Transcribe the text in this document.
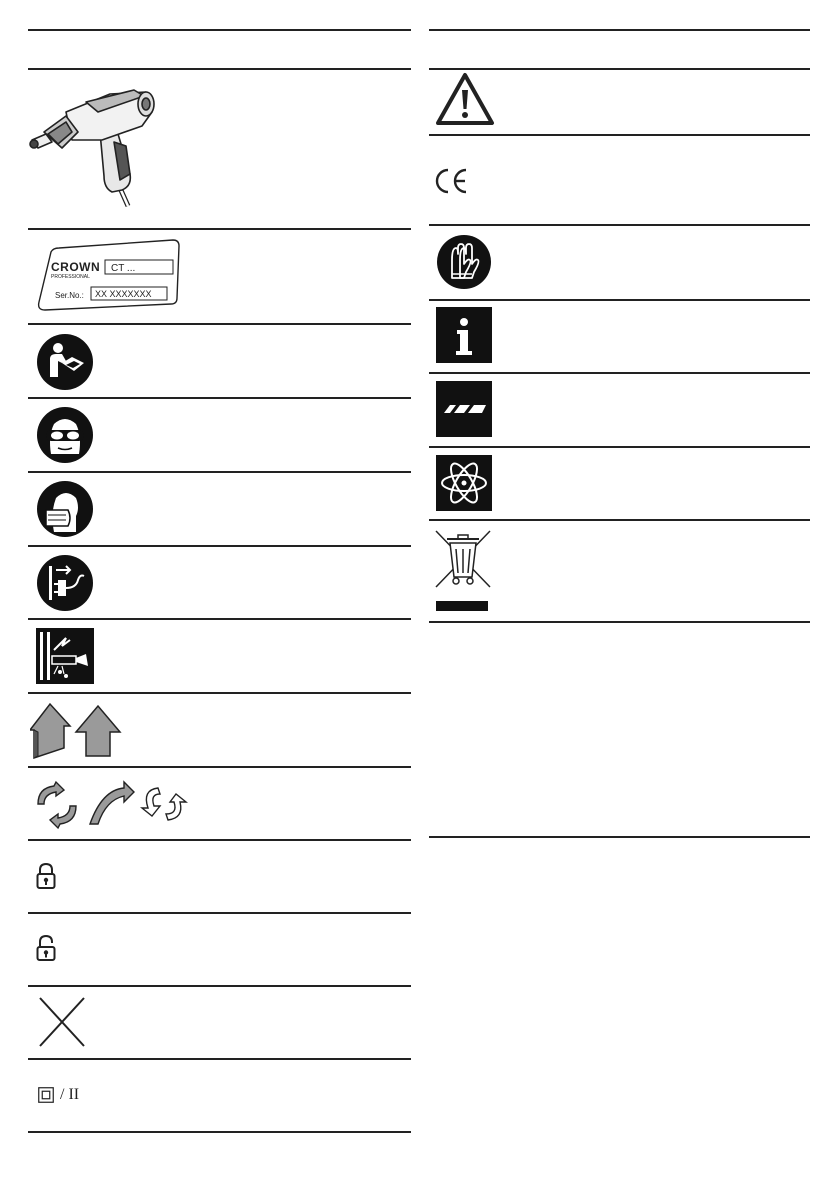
CROWN
PROFESSIONAL
CT ...
Ser.No.: XX XXXXXXX
/ II
